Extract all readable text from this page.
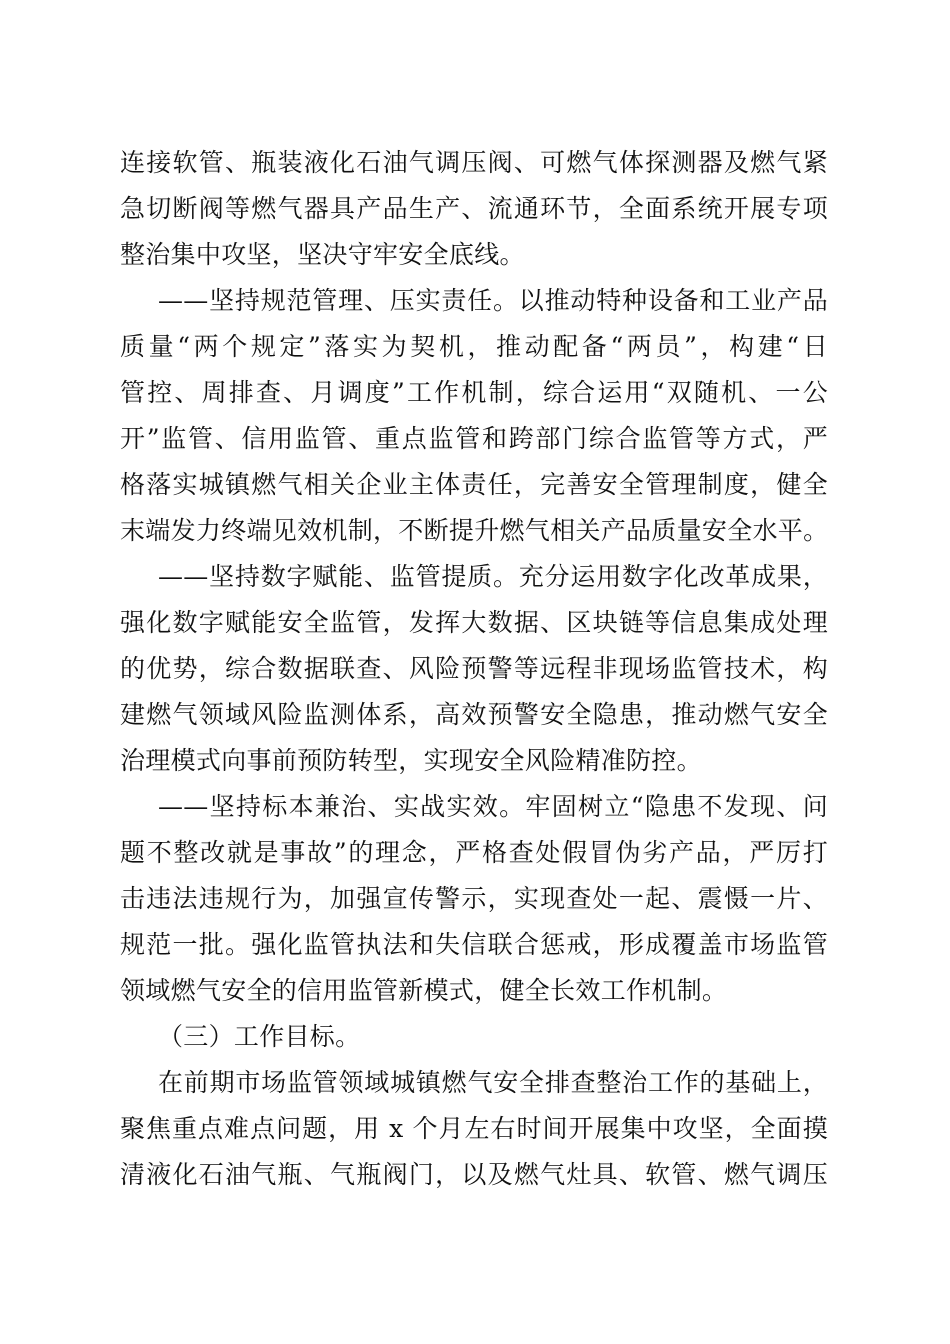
连接软管、瓶装液化石油气调压阀、可燃气体探测器及燃气紧
急切断阀等燃气器具产品生产、流通环节，全面系统开展专项
整治集中攻坚，坚决守牢安全底线。
——坚持规范管理、压实责任。以推动特种设备和工业产品
质量“两个规定”落实为契机，推动配备“两员”，构建“日
管控、周排查、月调度”工作机制，综合运用“双随机、一公
开”监管、信用监管、重点监管和跨部门综合监管等方式，严
格落实城镇燃气相关企业主体责任，完善安全管理制度，健全
末端发力终端见效机制，不断提升燃气相关产品质量安全水平。
——坚持数字赋能、监管提质。充分运用数字化改革成果，
强化数字赋能安全监管，发挥大数据、区块链等信息集成处理
的优势，综合数据联查、风险预警等远程非现场监管技术，构
建燃气领域风险监测体系，高效预警安全隐患，推动燃气安全
治理模式向事前预防转型，实现安全风险精准防控。
——坚持标本兼治、实战实效。牢固树立“隐患不发现、问
题不整改就是事故”的理念，严格查处假冒伪劣产品，严厉打
击违法违规行为，加强宣传警示，实现查处一起、震慑一片、
规范一批。强化监管执法和失信联合惩戒，形成覆盖市场监管
领域燃气安全的信用监管新模式，健全长效工作机制。
（三）工作目标。
在前期市场监管领域城镇燃气安全排查整治工作的基础上，
聚焦重点难点问题，用 x 个月左右时间开展集中攻坚，全面摸
清液化石油气瓶、气瓶阀门，以及燃气灶具、软管、燃气调压
